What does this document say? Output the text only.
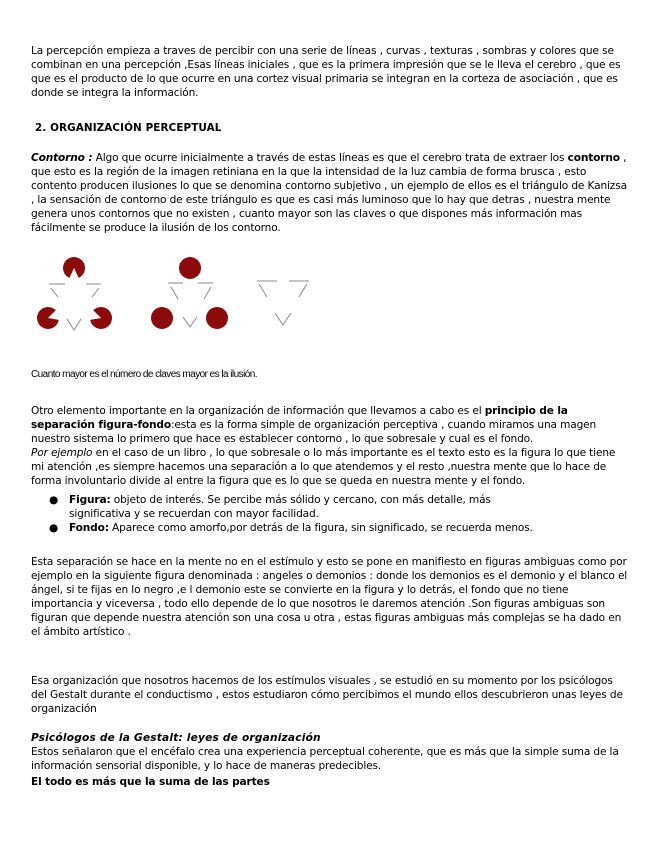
La percepción empieza a traves de percibir con una serie de líneas , curvas , texturas , sombras y colores que se combinan en una percepción ,Esas líneas iniciales , que es la primera impresión que se le lleva el cerebro , que es que es el producto de lo que ocurre en una cortez visual primaria se integran en la corteza de asociación , que es donde se integra la información.

2. ORGANIZACIÓN PERCEPTUAL

Contorno : Algo que ocurre inicialmente a través de estas líneas es que el cerebro trata de extraer los contorno , que esto es la región de la imagen retiniana en la que la intensidad de la luz cambia de forma brusca , esto contento producen ilusiones lo que se denomina contorno subjetivo , un ejemplo de ellos es el triángulo de Kanizsa , la sensación de contorno de este triángulo es que es casi más luminoso que lo hay que detras , nuestra mente genera unos contornos que no existen , cuanto mayor son las claves o que dispones más información mas fácilmente se produce la ilusión de los contorno.

Cuanto mayor es el número de claves mayor es la ilusión.

Otro elemento importante en la organización de información que llevamos a cabo es el principio de la separación figura-fondo:esta es la forma simple de organización perceptiva , cuando miramos una magen nuestro sistema lo primero que hace es establecer contorno , lo que sobresale y cual es el fondo.
Por ejemplo en el caso de un libro , lo que sobresale o lo más importante es el texto esto es la figura lo que tiene mi atención ,es siempre hacemos una separación a lo que atendemos y el resto ,nuestra mente que lo hace de forma involuntario divide al entre la figura que es lo que se queda en nuestra mente y el fondo.

● Figura: objeto de interés. Se percibe más sólido y cercano, con más detalle, más significativa y se recuerdan con mayor facilidad.
● Fondo: Aparece como amorfo,por detrás de la figura, sin significado, se recuerda menos.

Esta separación se hace en la mente no en el estímulo y esto se pone en manifiesto en figuras ambiguas como por ejemplo en la siguiente figura denominada : angeles o demonios : donde los demonios es el demonio y el blanco el ángel, si te fijas en lo negro ,e l demonio este se convierte en la figura y lo detrás, el fondo que no tiene importancia y viceversa , todo ello depende de lo que nosotros le daremos atención .Son figuras ambiguas son figuran que depende nuestra atención son una cosa u otra , estas figuras ambiguas más complejas se ha dado en el ámbito artístico .

Esa organización que nosotros hacemos de los estímulos visuales , se estudió en su momento por los psicólogos del Gestalt durante el conductismo , estos estudiaron cómo percibimos el mundo ellos descubrieron unas leyes de organización

Psicólogos de la Gestalt: leyes de organización

Estos señalaron que el encéfalo crea una experiencia perceptual coherente, que es más que la simple suma de la información sensorial disponible, y lo hace de maneras predecibles.

El todo es más que la suma de las partes
